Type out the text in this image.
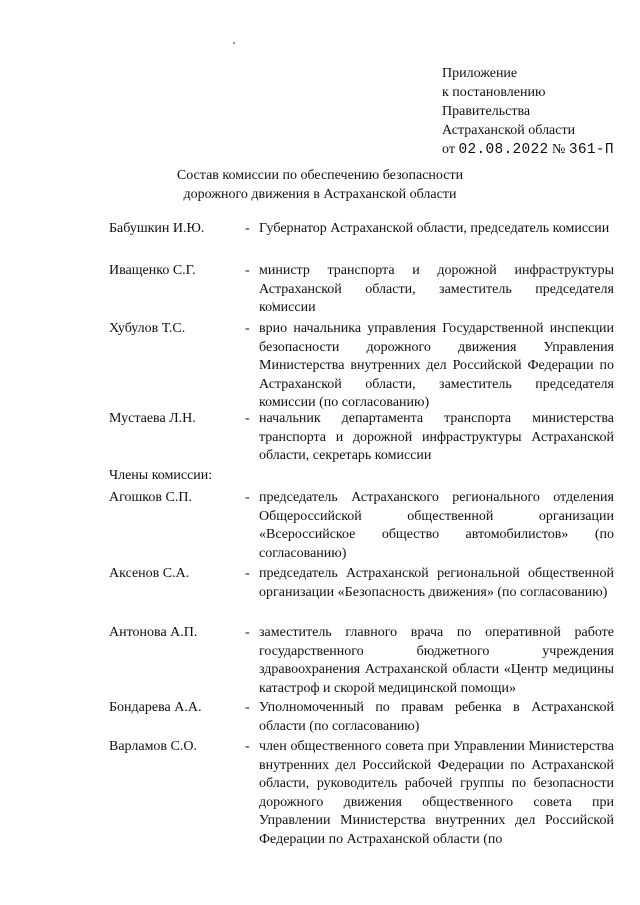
Приложение
к постановлению
Правительства
Астраханской области
от 02.08.2022 № 361-П
Состав комиссии по обеспечению безопасности
дорожного движения в Астраханской области
Бабушкин И.Ю.	- Губернатор Астраханской области, председатель комиссии
Иващенко С.Г.	- министр транспорта и дорожной инфраструктуры Астраханской области, заместитель председателя комиссии
Хубулов Т.С.	- врио начальника управления Государственной инспекции безопасности дорожного движения Управления Министерства внутренних дел Российской Федерации по Астраханской области, заместитель председателя комиссии (по согласованию)
Мустаева Л.Н.	- начальник департамента транспорта министерства транспорта и дорожной инфраструктуры Астраханской области, секретарь комиссии
Члены комиссии:
Агошков С.П.	- председатель Астраханского регионального отделения Общероссийской общественной организации «Всероссийское общество автомобилистов» (по согласованию)
Аксенов С.А.	- председатель Астраханской региональной общественной организации «Безопасность движения» (по согласованию)
Антонова А.П.	- заместитель главного врача по оперативной работе государственного бюджетного учреждения здравоохранения Астраханской области «Центр медицины катастроф и скорой медицинской помощи»
Бондарева А.А.	- Уполномоченный по правам ребенка в Астраханской области (по согласованию)
Варламов С.О.	- член общественного совета при Управлении Министерства внутренних дел Российской Федерации по Астраханской области, руководитель рабочей группы по безопасности дорожного движения общественного совета при Управлении Министерства внутренних дел Российской Федерации по Астраханской области (по
